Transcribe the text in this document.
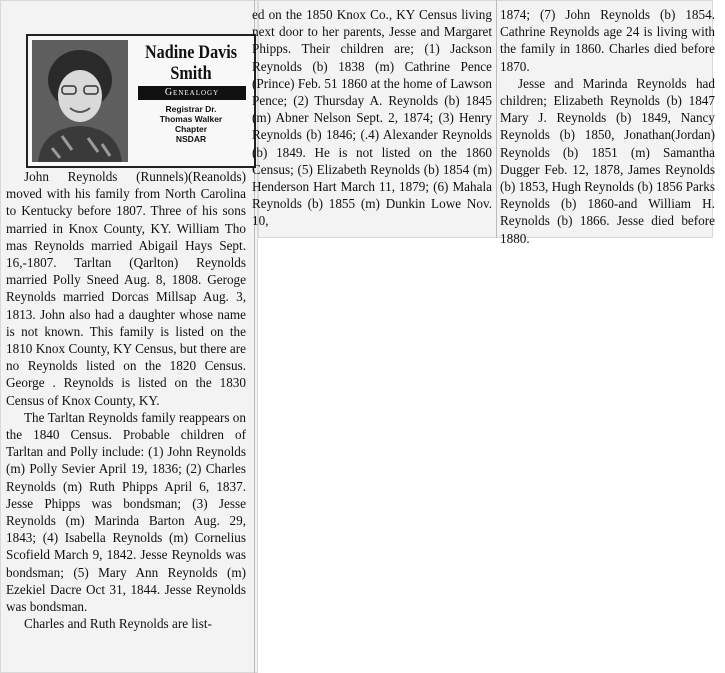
Nadine Davis Smith
Genealogy
Registrar Dr.
Thomas Walker
Chapter
NSDAR

John Reynolds (Runnels)(Reanolds) moved with his family from North Carolina to Kentucky before 1807. Three of his sons married in Knox County, KY. William Tho mas Reynolds married Abigail Hays Sept. 16,-1807. Tarltan (Qarlton) Reynolds married Polly Sneed Aug. 8, 1808. Geroge Reynolds married Dorcas Millsap Aug. 3, 1813. John also had a daughter whose name is not known. This family is listed on the 1810 Knox County, KY Census, but there are no Reynolds listed on the 1820 Census. George . Reynolds is listed on the 1830 Census of Knox County, KY.

The Tarltan Reynolds family reappears on the 1840 Census. Probable children of Tarltan and Polly include: (1) John Reynolds (m) Polly Sevier April 19, 1836; (2) Charles Reynolds (m) Ruth Phipps April 6, 1837. Jesse Phipps was bondsman; (3) Jesse Reynolds (m) Marinda Barton Aug. 29, 1843; (4) Isabella Reynolds (m) Cornelius Scofield March 9, 1842. Jesse Reynolds was bondsman; (5) Mary Ann Reynolds (m) Ezekiel Dacre Oct 31, 1844. Jesse Reynolds was bondsman.

Charles and Ruth Reynolds are list-

ed on the 1850 Knox Co., KY Census living next door to her parents, Jesse and Margaret Phipps. Their children are; (1) Jackson Reynolds (b) 1838 (m) Cathrine Pence (Prince) Feb. 51 1860 at the home of Lawson Pence; (2) Thursday A. Reynolds (b) 1845 (m) Abner Nelson Sept. 2, 1874; (3) Henry Reynolds (b) 1846; (.4) Alexander Reynolds (b) 1849. He is not listed on the 1860 Census; (5) Elizabeth Reynolds (b) 1854 (m) Henderson Hart March 11, 1879; (6) Mahala Reynolds (b) 1855 (m) Dunkin Lowe Nov. 10,

1874; (7) John Reynolds (b) 1854. Cathrine Reynolds age 24 is living with the family in 1860. Charles died before 1870.

Jesse and Marinda Reynolds had children; Elizabeth Reynolds (b) 1847 Mary J. Reynolds (b) 1849, Nancy Reynolds (b) 1850, Jonathan(Jordan) Reynolds (b) 1851 (m) Samantha Dugger Feb. 12, 1878, James Reynolds (b) 1853, Hugh Reynolds (b) 1856 Parks Reynolds (b) 1860-and William H. Reynolds (b) 1866. Jesse died before 1880.
